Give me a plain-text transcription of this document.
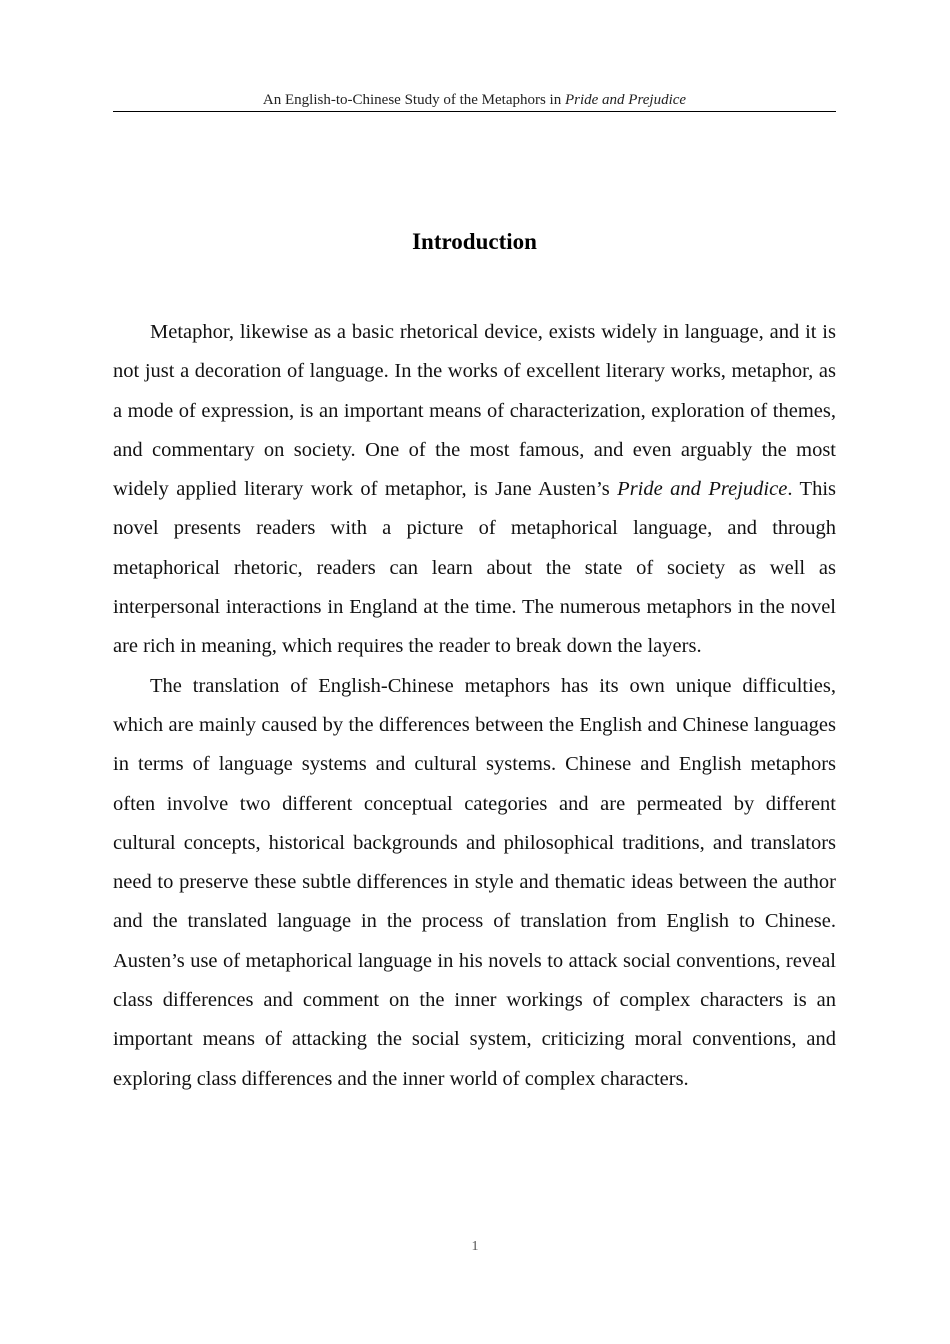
An English-to-Chinese Study of the Metaphors in Pride and Prejudice
Introduction

Metaphor, likewise as a basic rhetorical device, exists widely in language, and it is not just a decoration of language. In the works of excellent literary works, metaphor, as a mode of expression, is an important means of characterization, exploration of themes, and commentary on society. One of the most famous, and even arguably the most widely applied literary work of metaphor, is Jane Austen’s Pride and Prejudice. This novel presents readers with a picture of metaphorical language, and through metaphorical rhetoric, readers can learn about the state of society as well as interpersonal interactions in England at the time. The numerous metaphors in the novel are rich in meaning, which requires the reader to break down the layers.

The translation of English-Chinese metaphors has its own unique difficulties, which are mainly caused by the differences between the English and Chinese languages in terms of language systems and cultural systems. Chinese and English metaphors often involve two different conceptual categories and are permeated by different cultural concepts, historical backgrounds and philosophical traditions, and translators need to preserve these subtle differences in style and thematic ideas between the author and the translated language in the process of translation from English to Chinese. Austen’s use of metaphorical language in his novels to attack social conventions, reveal class differences and comment on the inner workings of complex characters is an important means of attacking the social system, criticizing moral conventions, and exploring class differences and the inner world of complex characters.

1
